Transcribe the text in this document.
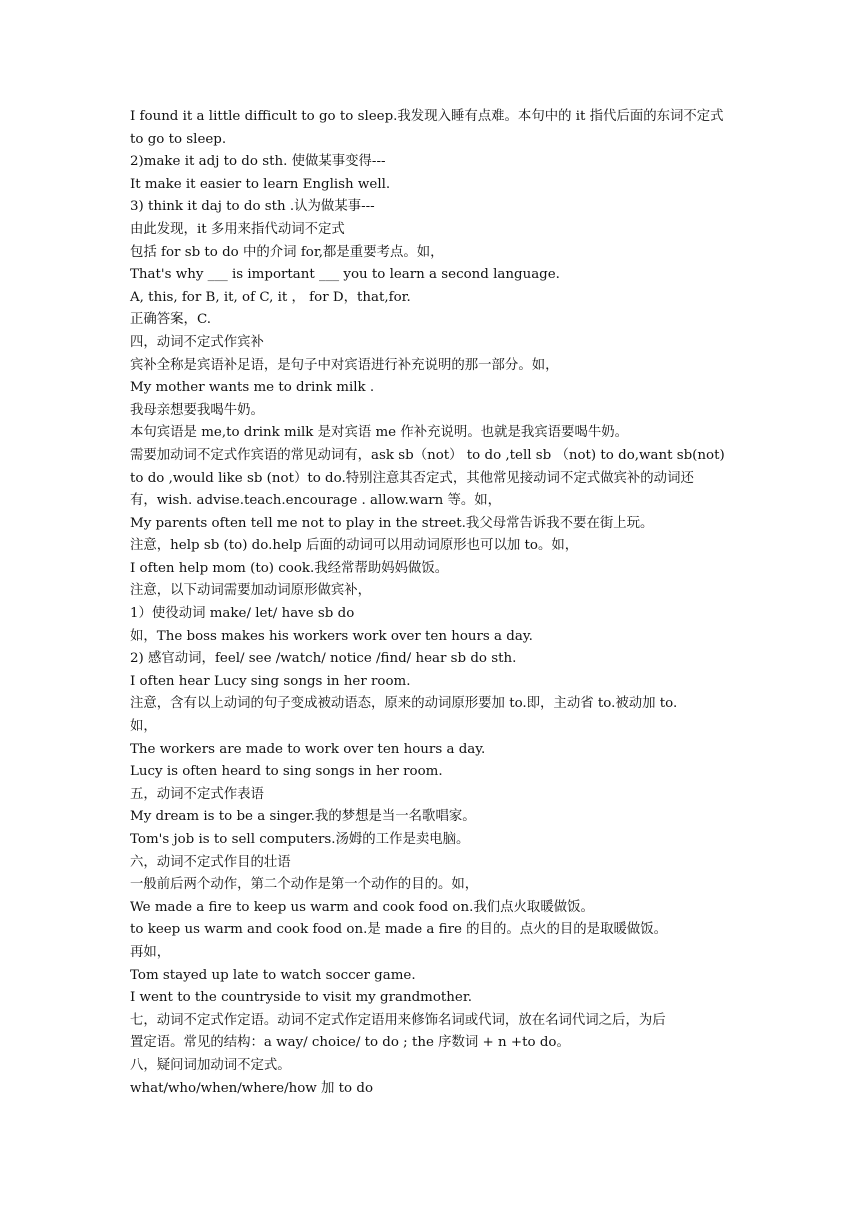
I found it a little difficult to go to sleep.我发现入睡有点难。本句中的 it 指代后面的东词不定式
to go to sleep.
2)make it adj to do sth. 使做某事变得---
It make it easier to learn English well.
3) think it daj to do sth .认为做某事---
由此发现，it 多用来指代动词不定式
包括 for sb to do 中的介词 for,都是重要考点。如，
That's why ___ is important ___ you to learn a second language.
A, this, for B, it, of C, it ， for D，that,for.
正确答案，C.
四，动词不定式作宾补
宾补全称是宾语补足语，是句子中对宾语进行补充说明的那一部分。如，
My mother wants me to drink milk .
我母亲想要我喝牛奶。
本句宾语是 me,to drink milk 是对宾语 me 作补充说明。也就是我宾语要喝牛奶。
需要加动词不定式作宾语的常见动词有，ask sb（not） to do ,tell sb （not) to do,want sb(not)
to do ,would like sb (not）to do.特别注意其否定式，其他常见接动词不定式做宾补的动词还
有，wish. advise.teach.encourage . allow.warn 等。如，
My parents often tell me not to play in the street.我父母常告诉我不要在街上玩。
注意，help sb (to) do.help 后面的动词可以用动词原形也可以加 to。如，
I often help mom (to) cook.我经常帮助妈妈做饭。
注意，以下动词需要加动词原形做宾补，
1）使役动词 make/ let/ have sb do
如，The boss makes his workers work over ten hours a day.
2) 感官动词，feel/ see /watch/ notice /find/ hear sb do sth.
I often hear Lucy sing songs in her room.
注意，含有以上动词的句子变成被动语态，原来的动词原形要加 to.即，主动省 to.被动加 to.
如，
The workers are made to work over ten hours a day.
Lucy is often heard to sing songs in her room.
五，动词不定式作表语
My dream is to be a singer.我的梦想是当一名歌唱家。
Tom's job is to sell computers.汤姆的工作是卖电脑。
六，动词不定式作目的壮语
一般前后两个动作，第二个动作是第一个动作的目的。如，
We made a fire to keep us warm and cook food on.我们点火取暖做饭。
to keep us warm and cook food on.是 made a fire 的目的。点火的目的是取暖做饭。
再如，
Tom stayed up late to watch soccer game.
I went to the countryside to visit my grandmother.
七，动词不定式作定语。动词不定式作定语用来修饰名词或代词，放在名词代词之后，为后
置定语。常见的结构：a way/ choice/ to do ; the 序数词 + n +to do。
八，疑问词加动词不定式。
what/who/when/where/how 加 to do
